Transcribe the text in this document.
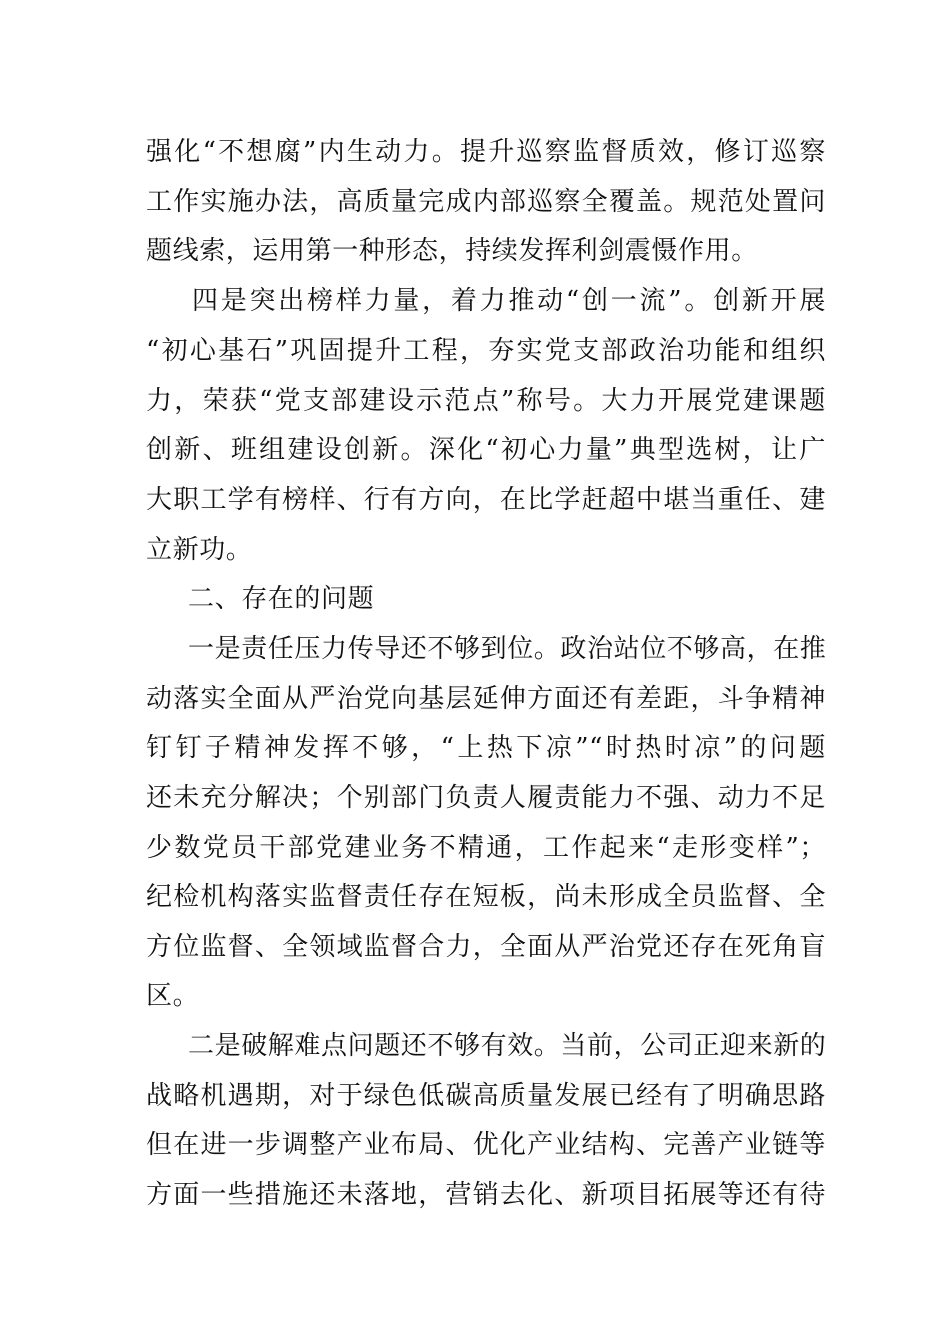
强化“不想腐”内生动力。提升巡察监督质效，修订巡察
工作实施办法，高质量完成内部巡察全覆盖。规范处置问
题线索，运用第一种形态，持续发挥利剑震慑作用。
四是突出榜样力量，着力推动“创一流”。创新开展
“初心基石”巩固提升工程，夯实党支部政治功能和组织
力，荣获“党支部建设示范点”称号。大力开展党建课题
创新、班组建设创新。深化“初心力量”典型选树，让广
大职工学有榜样、行有方向，在比学赶超中堪当重任、建
立新功。
二、存在的问题
一是责任压力传导还不够到位。政治站位不够高，在推
动落实全面从严治党向基层延伸方面还有差距，斗争精神
钉钉子精神发挥不够，“上热下凉”“时热时凉”的问题
还未充分解决；个别部门负责人履责能力不强、动力不足
少数党员干部党建业务不精通，工作起来“走形变样”；
纪检机构落实监督责任存在短板，尚未形成全员监督、全
方位监督、全领域监督合力，全面从严治党还存在死角盲
区。
二是破解难点问题还不够有效。当前，公司正迎来新的
战略机遇期，对于绿色低碳高质量发展已经有了明确思路
但在进一步调整产业布局、优化产业结构、完善产业链等
方面一些措施还未落地，营销去化、新项目拓展等还有待
